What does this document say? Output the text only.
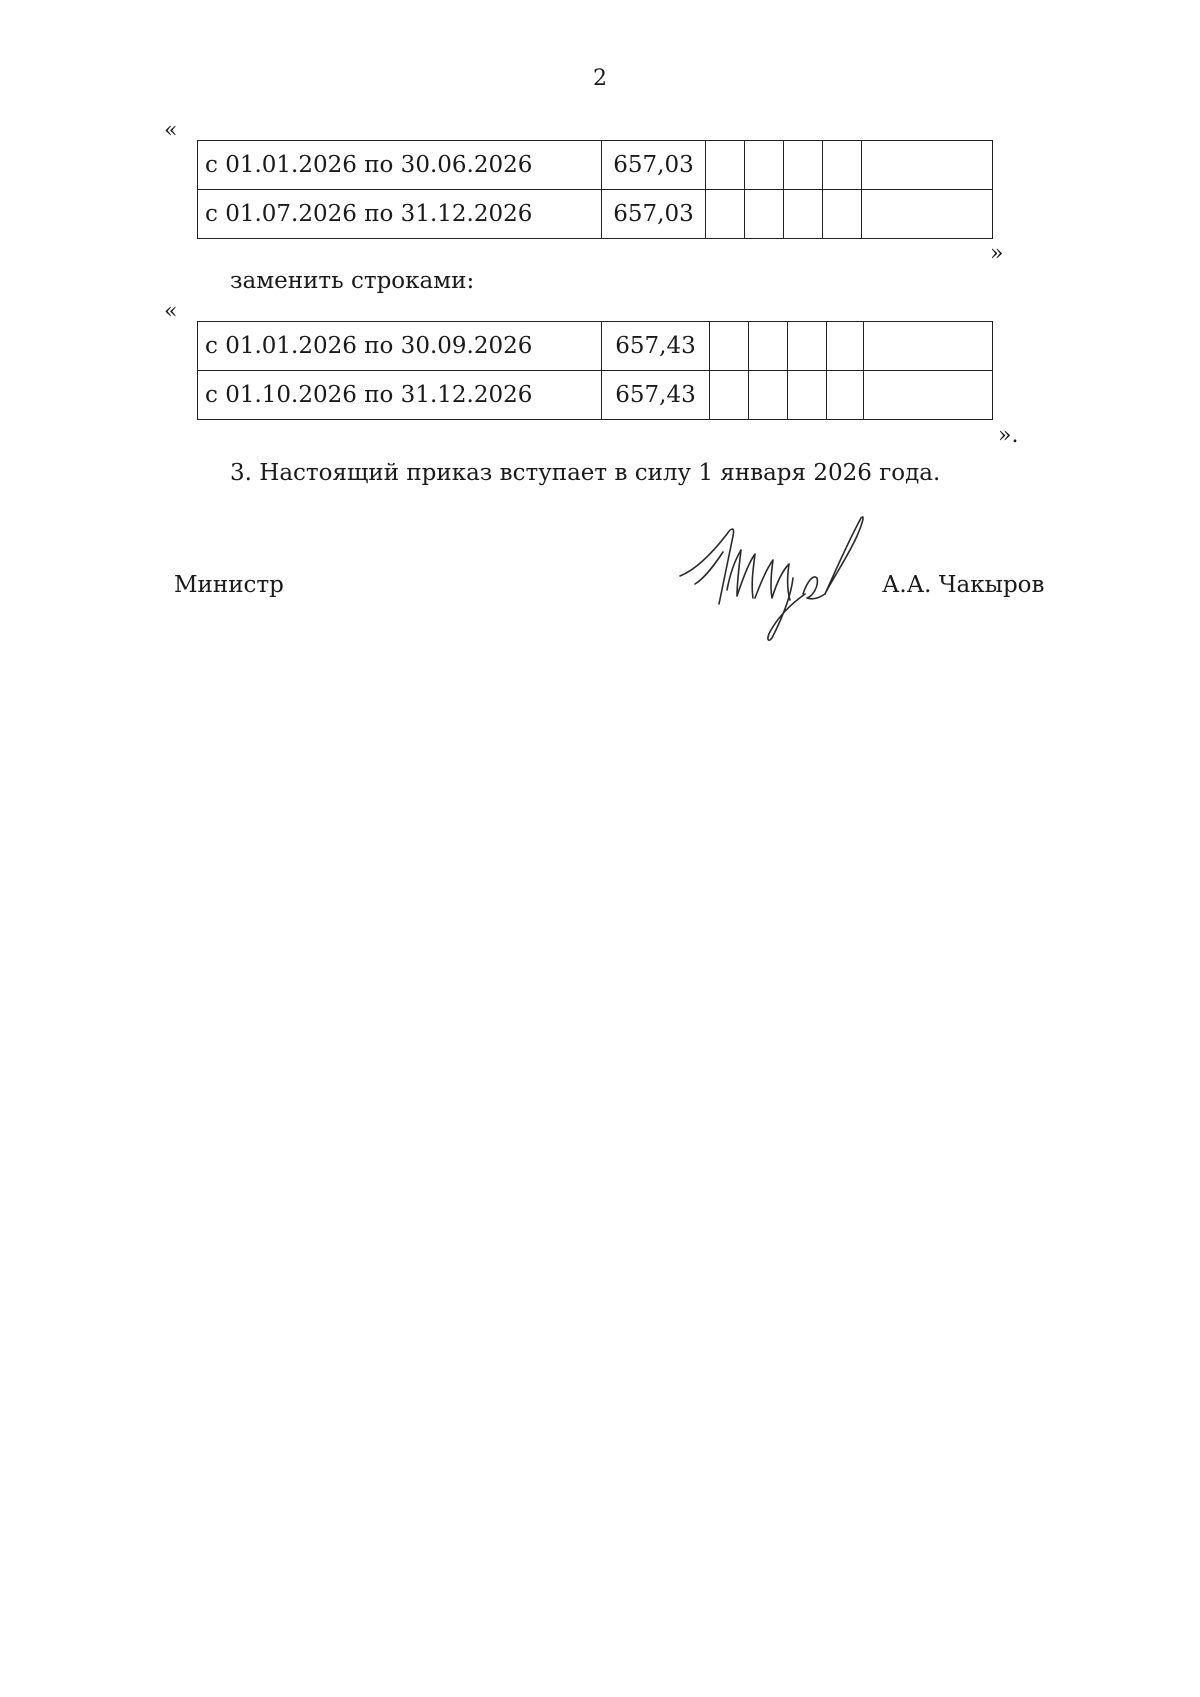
2
«
с 01.01.2026 по 30.06.2026	657,03					
с 01.07.2026 по 31.12.2026	657,03					
»
заменить строками:
«
с 01.01.2026 по 30.09.2026	657,43					
с 01.10.2026 по 31.12.2026	657,43					
».
3. Настоящий приказ вступает в силу 1 января 2026 года.
Министр	А.А. Чакыров
